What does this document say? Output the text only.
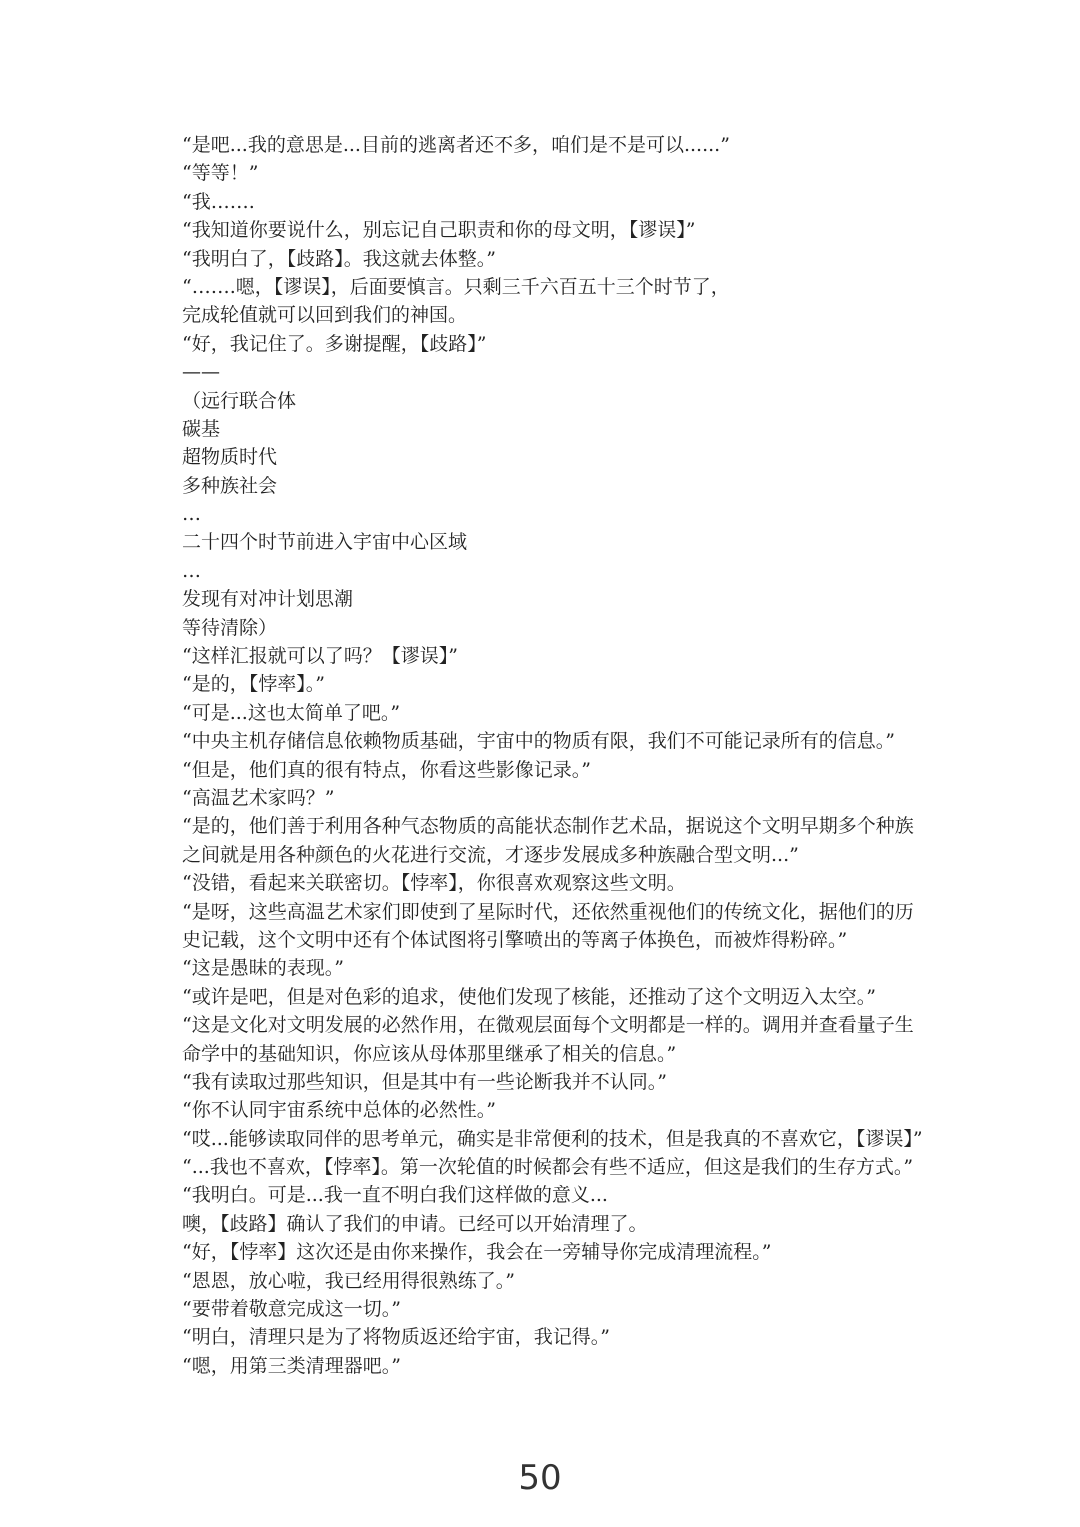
“是吧...我的意思是...目前的逃离者还不多，咱们是不是可以......”
“等等！”
“我…….
“我知道你要说什么，别忘记自己职责和你的母文明，【谬误】”
“我明白了，【歧路】。我这就去体整。”
“…….嗯，【谬误】，后面要慎言。只剩三千六百五十三个时节了，
完成轮值就可以回到我们的神国。
“好，我记住了。多谢提醒，【歧路】”
——
（远行联合体
碳基
超物质时代
多种族社会
…
二十四个时节前进入宇宙中心区域
…
发现有对冲计划思潮
等待清除）
“这样汇报就可以了吗？【谬误】”
“是的，【悖率】。”
“可是...这也太简单了吧。”
“中央主机存储信息依赖物质基础，宇宙中的物质有限，我们不可能记录所有的信息。”
“但是，他们真的很有特点，你看这些影像记录。”
“高温艺术家吗？”
“是的，他们善于利用各种气态物质的高能状态制作艺术品，据说这个文明早期多个种族
之间就是用各种颜色的火花进行交流，才逐步发展成多种族融合型文明...”
“没错，看起来关联密切。【悖率】，你很喜欢观察这些文明。
“是呀，这些高温艺术家们即使到了星际时代，还依然重视他们的传统文化，据他们的历
史记载，这个文明中还有个体试图将引擎喷出的等离子体换色，而被炸得粉碎。”
“这是愚昧的表现。”
“或许是吧，但是对色彩的追求，使他们发现了核能，还推动了这个文明迈入太空。”
“这是文化对文明发展的必然作用，在微观层面每个文明都是一样的。调用并查看量子生
命学中的基础知识，你应该从母体那里继承了相关的信息。”
“我有读取过那些知识，但是其中有一些论断我并不认同。”
“你不认同宇宙系统中总体的必然性。”
“哎...能够读取同伴的思考单元，确实是非常便利的技术，但是我真的不喜欢它，【谬误】”
“...我也不喜欢，【悖率】。第一次轮值的时候都会有些不适应，但这是我们的生存方式。”
“我明白。可是...我一直不明白我们这样做的意义...
噢，【歧路】确认了我们的申请。已经可以开始清理了。
“好，【悖率】这次还是由你来操作，我会在一旁辅导你完成清理流程。”
“恩恩，放心啦，我已经用得很熟练了。”
“要带着敬意完成这一切。”
“明白，清理只是为了将物质返还给宇宙，我记得。”
“嗯，用第三类清理器吧。”
50
